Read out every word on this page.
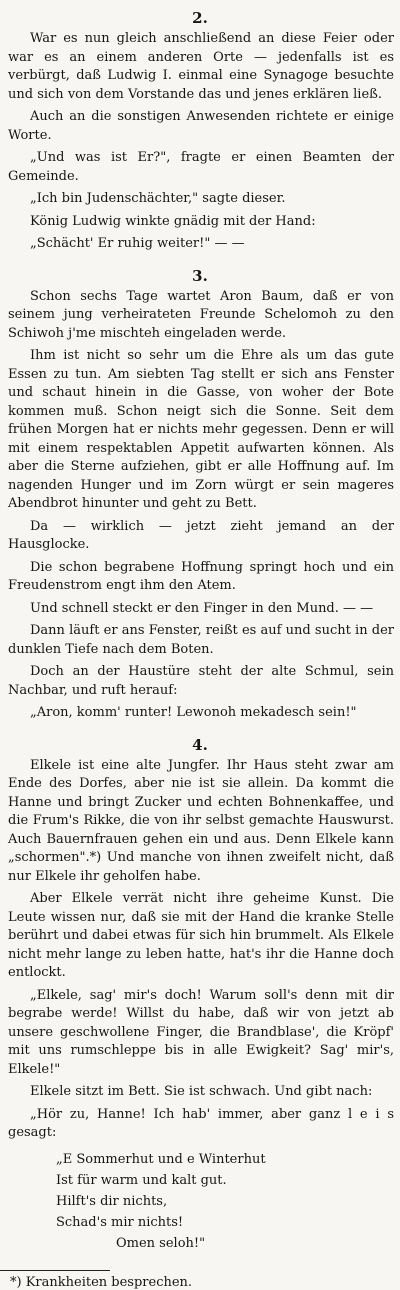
2.

War es nun gleich anschließend an diese Feier oder war es an einem anderen Orte — jedenfalls ist es verbürgt, daß Ludwig I. einmal eine Synagoge besuchte und sich von dem Vorstande das und jenes erklären ließ.

Auch an die sonstigen Anwesenden richtete er einige Worte.

„Und was ist Er?", fragte er einen Beamten der Gemeinde.

„Ich bin Judenschächter," sagte dieser.

König Ludwig winkte gnädig mit der Hand:

„Schächt' Er ruhig weiter!" — —

3.

Schon sechs Tage wartet Aron Baum, daß er von seinem jung verheirateten Freunde Schelomoh zu den Schiwoh j'me mischteh eingeladen werde.

Ihm ist nicht so sehr um die Ehre als um das gute Essen zu tun. Am siebten Tag stellt er sich ans Fenster und schaut hinein in die Gasse, von woher der Bote kommen muß. Schon neigt sich die Sonne. Seit dem frühen Morgen hat er nichts mehr gegessen. Denn er will mit einem respektablen Appetit aufwarten können. Als aber die Sterne aufziehen, gibt er alle Hoffnung auf. Im nagenden Hunger und im Zorn würgt er sein mageres Abendbrot hinunter und geht zu Bett.

Da — wirklich — jetzt zieht jemand an der Hausglocke.

Die schon begrabene Hoffnung springt hoch und ein Freudenstrom engt ihm den Atem.

Und schnell steckt er den Finger in den Mund. — —

Dann läuft er ans Fenster, reißt es auf und sucht in der dunklen Tiefe nach dem Boten.

Doch an der Haustüre steht der alte Schmul, sein Nachbar, und ruft herauf:

„Aron, komm' runter! Lewonoh mekadesch sein!"

4.

Elkele ist eine alte Jungfer. Ihr Haus steht zwar am Ende des Dorfes, aber nie ist sie allein. Da kommt die Hanne und bringt Zucker und echten Bohnenkaffee, und die Frum's Rikke, die von ihr selbst gemachte Hauswurst. Auch Bauernfrauen gehen ein und aus. Denn Elkele kann „schormen".*) Und manche von ihnen zweifelt nicht, daß nur Elkele ihr geholfen habe.

Aber Elkele verrät nicht ihre geheime Kunst. Die Leute wissen nur, daß sie mit der Hand die kranke Stelle berührt und dabei etwas für sich hin brummelt. Als Elkele nicht mehr lange zu leben hatte, hat's ihr die Hanne doch entlockt.

„Elkele, sag' mir's doch! Warum soll's denn mit dir begrabe werde! Willst du habe, daß wir von jetzt ab unsere geschwollene Finger, die Brandblase', die Kröpf' mit uns rumschleppe bis in alle Ewigkeit? Sag' mir's, Elkele!"

Elkele sitzt im Bett. Sie ist schwach. Und gibt nach:

„Hör zu, Hanne! Ich hab' immer, aber ganz l e i s gesagt:

„E Sommerhut und e Winterhut
Ist für warm und kalt gut.
Hilft's dir nichts,
Schad's mir nichts!
Omen seloh!"
*) Krankheiten besprechen.
